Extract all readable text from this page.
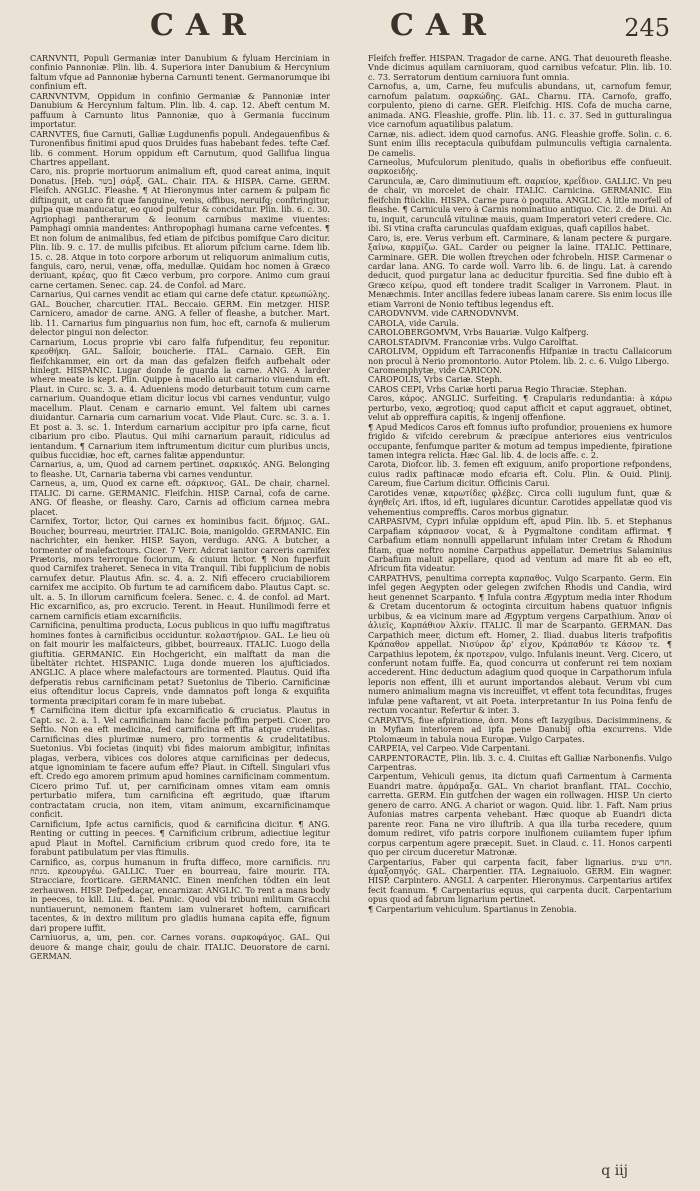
CAR	CAR	245

CARNVNTI, Populi Germaniæ inter Danubium & fyluam Herciniam in confinio Pannoniæ. Plin. lib. 4. Superiora inter Danubium & Hercynium faltum vfque ad Pannoniæ hyberna Carnunti tenent. Germanorumque ibi confinium eft.

CARNVNTVM, Oppidum in confinio Germaniæ & Pannoniæ inter Danubium & Hercynium faltum. Plin. lib. 4. cap. 12. Abeft centum M. paffuum à Carnunto litus Pannoniæ, quo à Germania fuccinum importatur.

CARNVTES, fiue Carnuti, Galliæ Lugdunenfis populi. Andegauenfibus & Turonenfibus finitimi apud quos Druides fuas habebant fedes. tefte Cæf. lib. 6 comment. Horum oppidum eft Carnutum, quod Gallifua lingua Chartres appellant.

Caro, nis. proprie mortuorum animalium eft, quod careat anima, inquit Donatus. [Heb. בשר] σάρξ. GAL. Chair. ITA. & HISPA. Carne. GERM. Fleifch. ANGLIC. Fleashe. ¶ At Hieronymus inter carnem & pulpam fic diftinguit, ut caro fit quæ fanguine, venis, offibus, neruifq; conftringitur, pulpa quæ manducatur, eo quod pulfetur & concidatur. Plin. lib. 6. c. 30. Agriophagi pantherarum & leonum carnibus maxime viuentes: Pamphagi omnia mandentes: Anthropophagi humana carne vefcentes. ¶ Et non folum de animalibus, fed etiam de pifcibus pomifque Caro dicitur. Plin. lib. 9. c. 17. de mullis pifcibus. Et aliorum pifcium carne. Idem lib. 15. c. 28. Atque in toto corpore arborum ut reliquorum animalium cutis, fanguis, caro, nerui, venæ, offa, medullæ. Quidam hoc nomen à Græco deriuant, κρέας, quo fit Cæco verbum, pro corpore. Animo cum graui carne certamen. Senec. cap. 24. de Confol. ad Marc.

Carnarius, Qui carnes vendit ac etiam qui carne defe ctatur. κρεωπώλης. GAL. Boucher, charcutier. ITAL. Beccaio. GERM. Ein metzger. HISP. Carnicero, amador de carne. ANG. A feller of fleashe, a butcher. Mart. lib. 11. Carnarius fum pinguarius non fum, hoc eft, carnofa & mulierum delector pingui non delector.

Carnarium, Locus proprie vbi caro falfa fufpenditur, feu reponitur. κρεοθήκη. GAL. Salloir, boucherie. ITAL. Carnaio. GER. Ein fleifchkammer, ein ort da man das gefalzen fleifch aufbehalt oder hinlegt. HISPANIC. Lugar donde fe guarda la carne. ANG. A larder where meate is kept. Plin. Quippe à macello aut carnario viuendum eft. Plaut. in Curc. sc. 3. a. 4. Adueniens modo deturbauit totum cum carne carnarium. Quandoque etiam dicitur locus vbi carnes venduntur, vulgo macellum. Plaut. Cenam e carnario emunt. Vel faltem ubi carnes diuidantur. Carnaria cum carnarium vocat. Vide Plaut. Curc. sc. 3. a. 1. Et post a. 3. sc. 1. Interdum carnarium accipitur pro ipfa carne, ficut cibarium pro cibo. Plautus. Qui mihi carnarium parauit, ridiculus ad ientandum. ¶ Carnarium item inftrumentum dicitur cum pluribus uncis, quibus fuccidiæ, hoc eft, carnes falitæ appenduntur.

Carnarius, a, um, Quod ad carnem pertinet. σαρκικός. ANG. Belonging to fleashe. Ut, Carnaria taberna vbi carnes venduntur.

Carneus, a, um, Quod ex carne eft. σάρκινος. GAL. De chair, charnel. ITALIC. Di carne. GERMANIC. Fleifchin. HISP. Carnal, cofa de carne. ANG. Of fleashe, or fleashy. Caro, Carnis ad officium carnea mebra placet.

Carnifex, Tortor, lictor, Qui carnes ex hominibus facit. δήμιος. GAL. Boucher, bourreau, meurtrier. ITALIC. Boia, manigoldo. GERMANIC. Ein nachrichter, ein henker. HISP. Sayon, verdugo. ANG. A butcher, a tormenter of malefactours. Cicer. 7 Verr. Adcrat ianitor carceris carnifex Prætoris, mors terrorque fociorum, & ciuium lictor. ¶ Non fuperfuit quod Carnifex traheret. Seneca in vita Tranquil. Tibi fupplicium de nobis carnufex detur. Plautus Afin. sc. 4. a. 2. Nifi effecero cruciabiliorem carnifex me accipito. Ob furtum te ad carnificem dabo. Plautus Capt. sc. ult. a. 5. In illorum carnificum fcelera. Senec. c. 4. de confol. ad Mart. Hic excarnifico, as, pro excrucio. Terent. in Heaut. Hunilimodi ferre et carnem carnificis etiam excarnificiis.

Carnificina, penultima producta, Locus publicus in quo iuffu magiftratus homines fontes à carnificibus occiduntur. κολαστήριον. GAL. Le lieu où on fait mourir les malfaicteurs, gibbet, bourreaux. ITALIC. Luogo della giuftitia. GERMANIC. Ein Hochgericht, ein malftatt da man die übeltäter richtet. HISPANIC. Luga donde mueren los ajufticiados. ANGLIC. A place where malefactours are tormented. Plautus. Quid ifta defperatis rebus carnificinam petat? Suetonius de Tiberio. Carnificinæ eius oftenditur locus Capreis, vnde damnatos poft longa & exquifita tormenta præcipitari coram fe in mare iubebat.

¶ Carnificina item dicitur ipfa excarnificatio & cruciatus. Plautus in Capt. sc. 2. a. 1. Vel carnificinam hanc facile poffim perpeti. Cicer. pro Seftio. Non ea eft medicina, fed carnificina eft ifta atque crudelitas. Carnificinas dies plurimæ numero, pro tormentis & crudelitatibus. Suetonius. Vbi focietas (inquit) vbi fides maiorum ambigitur, infinitas plagas, verbera, vibices cos dolores atque carnificinas per dedecus, atque ignominiam te facere aufum effe? Plaut. in Ciftell. Singulari vfus eft. Credo ego amorem primum apud homines carnificinam commentum. Cicero primo Tuf. ut, per carnificinam omnes vitam eam omnis perturbatio mifera, tum carnificina eft ægritudo, quæ iftarum contractatam crucia, non item, vitam animum, excarnificinamque conficit.

Carnificium, Ipfe actus carnificis, quod & carnificina dicitur. ¶ ANG. Renting or cutting in peeces. ¶ Carnificium cribrum, adiectiue legitur apud Plaut in Moftel. Carnificium cribrum quod credo fore, ita te forabunt patibulatum per vias ftimulis.

Carnifico, as, corpus humanum in frufta diffeco, more carnificis. נתח מנתח. κρεουργέω. GALLIC. Tuer en bourreau, faire mourir. ITA. Stracciare, fcorticare. GERMANIC. Einen menfchen tödten ein leut zerhauwen. HISP. Defpedaçar, encarnizar. ANGLIC. To rent a mans body in peeces, to kill. Liu. 4. bel. Punic. Quod vbi tribuni militum Gracchi nuntiauerunt, nemonem ftantem iam vulneraret hoftem, carnificari tacentes, & in dextro militum pro gladiis humana capita effe, fignum dari propere iuffit.

Carniuorus, a, um, pen. cor. Carnes vorans. σαρκοφάγος. GAL. Qui deuore & mange chair, goulu de chair. ITALIC. Deuoratore de carni. GERMAN.

Fleifch freffer. HISPAN. Tragador de carne. ANG. That deuoureth fleashe. Vnde dicimus aquilam carniuoram, quod carnibus vefcatur. Plin. lib. 10. c. 73. Serratorum dentium carniuora funt omnia.

Carnofus, a, um, Carne, feu mufculis abundans, ut, carnofum femur, carnofum palatum. σαρκώδης. GAL. Charnu. ITA. Carnofo, graffo, corpulento, pieno di carne. GER. Fleifchig. HIS. Cofa de mucha carne, animada. ANG. Fleashie, groffe. Plin. lib. 11. c. 37. Sed in gutturalingua vice carnofum aquatilibus palatum.

Carnæ, nis. adiect. idem quod carnofus. ANG. Fleashie groffe. Solin. c. 6. Sunt enim illis receptacula quibufdam pulmunculis veftigia carnalenta. De camelis.

Carneolus, Mufculorum plenitudo, qualis in obefioribus effe confueuit. σαρκοειδής.

Caruncula, æ, Caro diminutiuum eft. σαρκίον, κρεΐδιον. GALLIC. Vn peu de chair, vn morcelet de chair. ITALIC. Carnicina. GERMANIC. Ein fleifchin ftücklin. HISPA. Carne pura ò poquita. ANGLIC. A litle morfell of fleashe. ¶ Carnicula vero à Carnis nominatiuo antiquo. Cic. 2. de Diui. An tu, inquit, carunculâ vitulinæ mauis, quam Imperatori veteri credere. Cic. ibi. Si vtina crafta carunculas quafdam exiguas, quafi capillos habet.

Caro, is, ere. Verus verbum eft. Carminare, & lanam pectere & purgare. ξαίνω, καρμίζω. GAL. Carder ou peigner la laine. ITALIC. Pettinare, Carminare. GER. Die wollen ftreychen oder fchrobeln. HISP. Carmenar o cardar lana. ANG. To carde woll. Varro lib. 6. de lingu. Lat. à carendo deducit, quod purgatur lana ac deducitur fpurcitia. Sed fine dubio eft à Græco κείρω, quod eft tondere tradit Scaliger in Varronem. Plaut. in Menæchmis. Inter ancillas federe iubeas lanam carere. Sis enim locus ille etiam Varroni de Nonio teftibus legendus eft.

CARODVNVM. vide CARNODVNVM.

CAROLA, vide Carula.

CAROLOBERGOMVM, Vrbs Bauariæ. Vulgo Kalfperg.

CAROLSTADIVM. Franconiæ vrbs. Vulgo Carolftat.

CAROLIVM, Oppidum eft Tarraconenfis Hifpaniæ in tractu Callaicorum non procul à Nerio promontorio. Autor Ptolem. lib. 2. c. 6. Vulgo Libergo.

Caromemphytæ, vide CARICON.

CAROPOLIS, Vrbs Cariæ. Steph.

CAROS CEPI, Vrbs Cariæ horti parua Regio Thraciæ. Stephan.

Caros, κάρος. ANGLIC. Surfeiting. ¶ Crapularis redundantia: à κάρω perturbo, vexo, ægrotioq; quod caput afficit et caput aggrauet, obtinet, velut ab oppreffura capitis, & ingenij offenfione.

¶ Apud Medicos Caros eft fomnus iufto profundior, proueniens ex humore frigido & vifcido cerebrum & præcipue anteriores eius ventriculos occupante, fenfumque pariter & motum ad tempus impediente, fpiratione tamen integra relicta. Hæc Gal. lib. 4. de locis affe. c. 2.

Carota, Diofcor. lib. 3. femen eft exiguum, anifo proportione refpondens, cuius radix paftinacæ modo efcaria eft. Colu. Plin. & Ouid. Plinij. Careum, fiue Carium dicitur. Officinis Carui.

Carotides venæ, καρωτίδες φλέβες. Circa colli iugulum funt, quæ & ἀγηθεῖς Ari. iftos, id eft, iugulares dicuntur. Carotides appellatæ quod vis vehementius compreffis. Caros morbus gignatur.

CARPASIVM, Cypri infulæ oppidum eft, apud Plin. lib. 5. et Stephanus Carpafiam κάρπασον vocat, & à Pygmaltone conditam affirmat. ¶ Carbafium etiam nonnulli appellarunt infulam inter Cretam & Rhodum fitam, quæ noftro nomine Carpathus appellatur. Demetrius Salaminius Carbafium maluit appellare, quod ad ventum ad mare fit ab eo eft, Africum fita videatur.

CARPATHVS, penultima correpta καρπαθος. Vulgo Scarpanto. Germ. Ein infel gegen Aegypten oder gelegen zwifchen Rhodis und Candia, wird heut genennet Scarpanto. ¶ Infula contra Ægyptum media inter Rhodum & Cretam ducentorum & octoginta circuitum habens quatuor infignis urbibus, & ea vicinum mare ad Ægyptum vergens Carpathium. Ἄπαν οἱ ἀλιεῖς, Καρπάθιον Ἀλκίν. ITALIC. Il mar de Scarpanto. GERMAN. Das Carpathich meer, dictum eft. Homer. 2. Iliad. duabus literis trafpofitis Κράπαθον appellat. Νισύρον ἄρ' εἶχον, Κράπαθόν τε Κάσον τε. ¶ Carpathius lepotem, ἐκ προτερον, vulgo. Infulanis ineunt. Verg. Cicero, ut conferunt notam fuiffe. Ea, quod concurra ut conferunt rei tem noxiam accederent. Hinc deductum adagium quod quoque in Carpathorum infula leporis non effent, illi et aurunt importandos alebaut. Verum vbi cum numero animalium magna vis increuiffet, vt effent tota fecunditas, fruges infulæ pene vaftarent, vt ait Poeta. interpretantur In ius Poina fenfu de rectum vocantur. Refertur & inter. 3.

CARPATVS, fiue afpiratione, ἀσπ. Mons eft Iazygibus. Dacisimminens, & in Myfiam interiorem ad ipfa pene Danubij oftia excurrens. Vide Ptolomæum in tabula noua Europæ. Vulgo Carpates.

CARPEIA, vel Carpeo. Vide Carpentani.

CARPENTORACTE, Plin. lib. 3. c. 4. Ciuitas eft Galliæ Narbonenfis. Vulgo Carpentras.

Carpentum, Vehiculi genus, ita dictum quafi Carmentum à Carmenta Euandri matre. ἁρμάμαξα. GAL. Vn chariot branflant. ITAL. Cocchio, carretta. GERM. Ein gutfchen der wagen ein rollwagen. HISP. Un cierto genero de carro. ANG. A chariot or wagon. Quid. libr. 1. Faft. Nam prius Aufonias matres carpenta vehebant. Hæc quoque ab Euandri dicta parente reor. Fana ne viro illuftrib. A qua illa turba recedere, quum domum rediret, vifo patris corpore inulfionem cuiiamtem fuper ipfum corpus carpentum agere præcepit. Suet. in Claud. c. 11. Honos carpenti quo per circum duceretur Matronæ.

Carpentarius, Faber qui carpenta facit, faber lignarius. חרש עצים. ἁμαξοπηγός. GAL. Charpentier. ITA. Legnaiuolo. GERM. Ein wagner. HISP. Carpintero. ANGLI. A carpenter. Hieronymus. Carpentarius artifex fecit fcannum. ¶ Carpentarius equus, qui carpenta ducit. Carpentarium opus quod ad fabrum lignarium pertinet.

¶ Carpentarium vehiculum. Spartianus in Zenobia.

q iij
